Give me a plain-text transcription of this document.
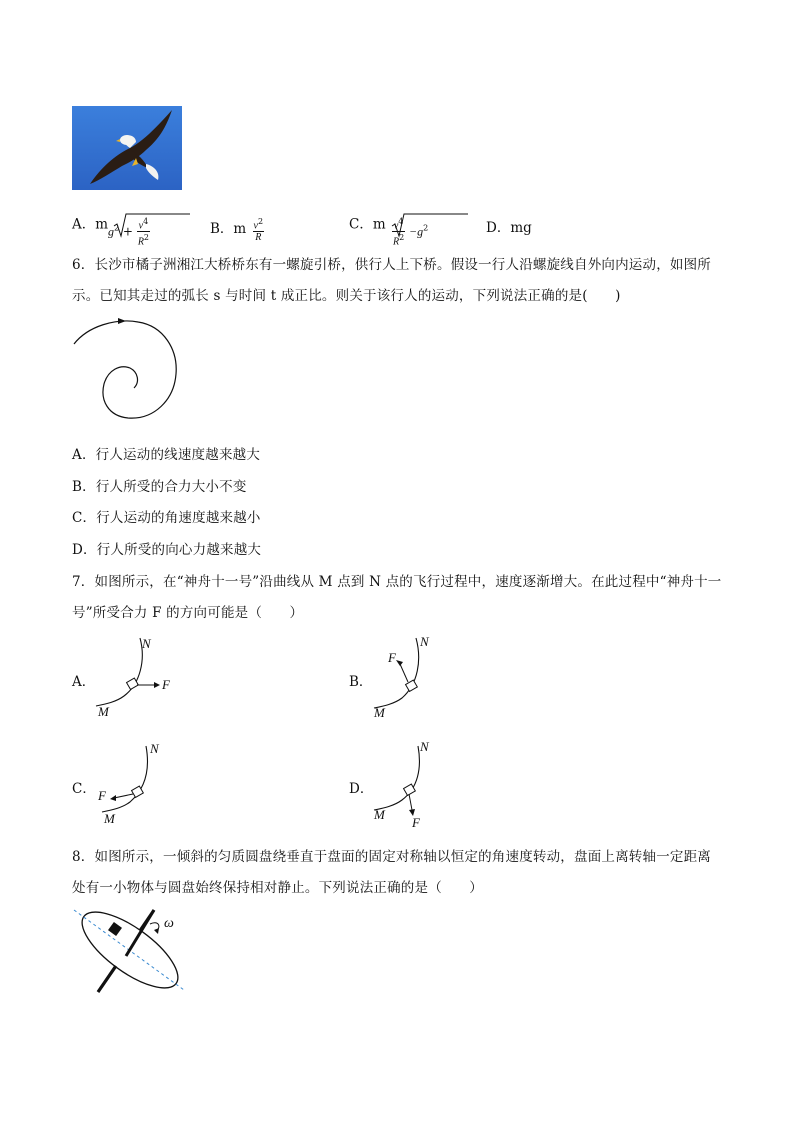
A．m $g^2 + \frac{v^4}{R^2}$	B．m $\frac{v^2}{R}$	C．m $\frac{v^4}{R^2} -g^2$	D．mg
6．长沙市橘子洲湘江大桥桥东有一螺旋引桥，供行人上下桥。假设一行人沿螺旋线自外向内运动，如图所
示。已知其走过的弧长 s 与时间 t 成正比。则关于该行人的运动，下列说法正确的是(　　)
A．行人运动的线速度越来越大
B．行人所受的合力大小不变
C．行人运动的角速度越来越小
D．行人所受的向心力越来越大
7．如图所示，在“神舟十一号”沿曲线从 M 点到 N 点的飞行过程中，速度逐渐增大。在此过程中“神舟十一
号”所受合力 F 的方向可能是（　　）
A．
N
F
M
B．
N
F
M
C．
N
F
M
D．
N
M
F
8．如图所示，一倾斜的匀质圆盘绕垂直于盘面的固定对称轴以恒定的角速度转动，盘面上离转轴一定距离
处有一小物体与圆盘始终保持相对静止。下列说法正确的是（　　）
ω
